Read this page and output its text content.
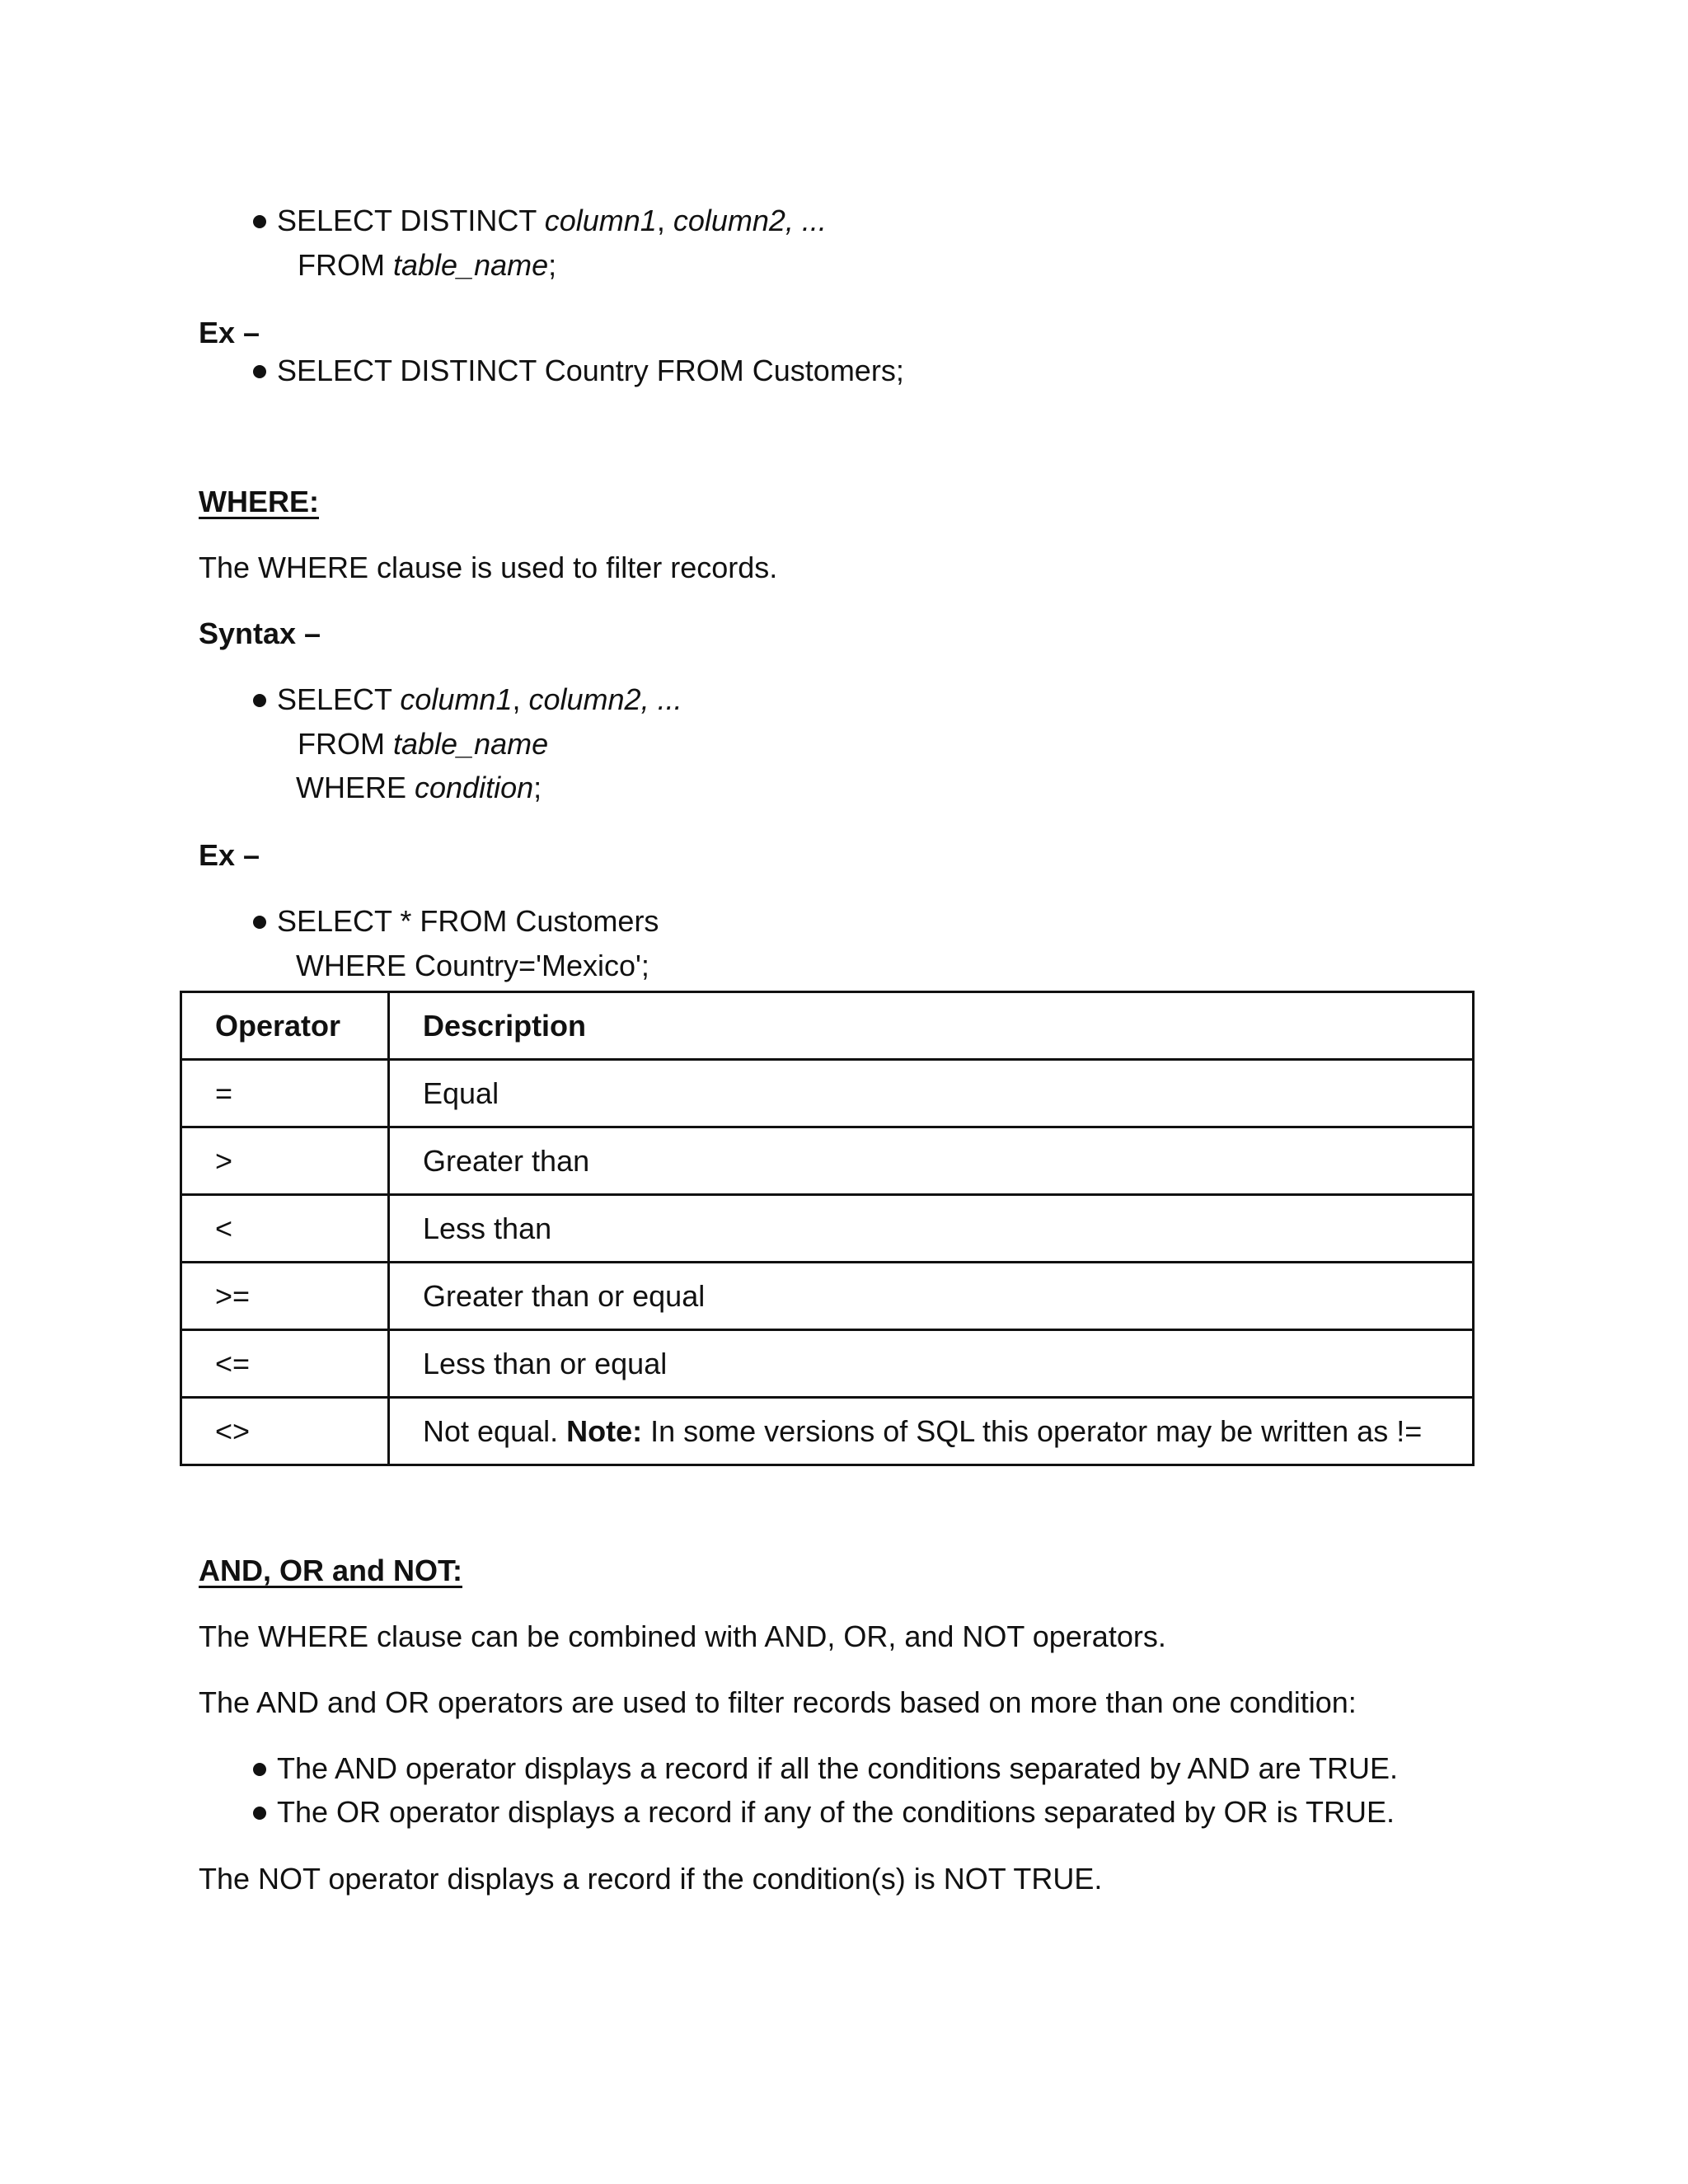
SELECT DISTINCT column1, column2, ...
FROM table_name;
Ex –
SELECT DISTINCT Country FROM Customers;
WHERE:
The WHERE clause is used to filter records.
Syntax –
SELECT column1, column2, ...
FROM table_name
WHERE condition;
Ex –
SELECT * FROM Customers
WHERE Country='Mexico';
Operator	Description
=	Equal
>	Greater than
<	Less than
>=	Greater than or equal
<=	Less than or equal
<>	Not equal. Note: In some versions of SQL this operator may be written as !=
AND, OR and NOT:
The WHERE clause can be combined with AND, OR, and NOT operators.
The AND and OR operators are used to filter records based on more than one condition:
The AND operator displays a record if all the conditions separated by AND are TRUE.
The OR operator displays a record if any of the conditions separated by OR is TRUE.
The NOT operator displays a record if the condition(s) is NOT TRUE.
